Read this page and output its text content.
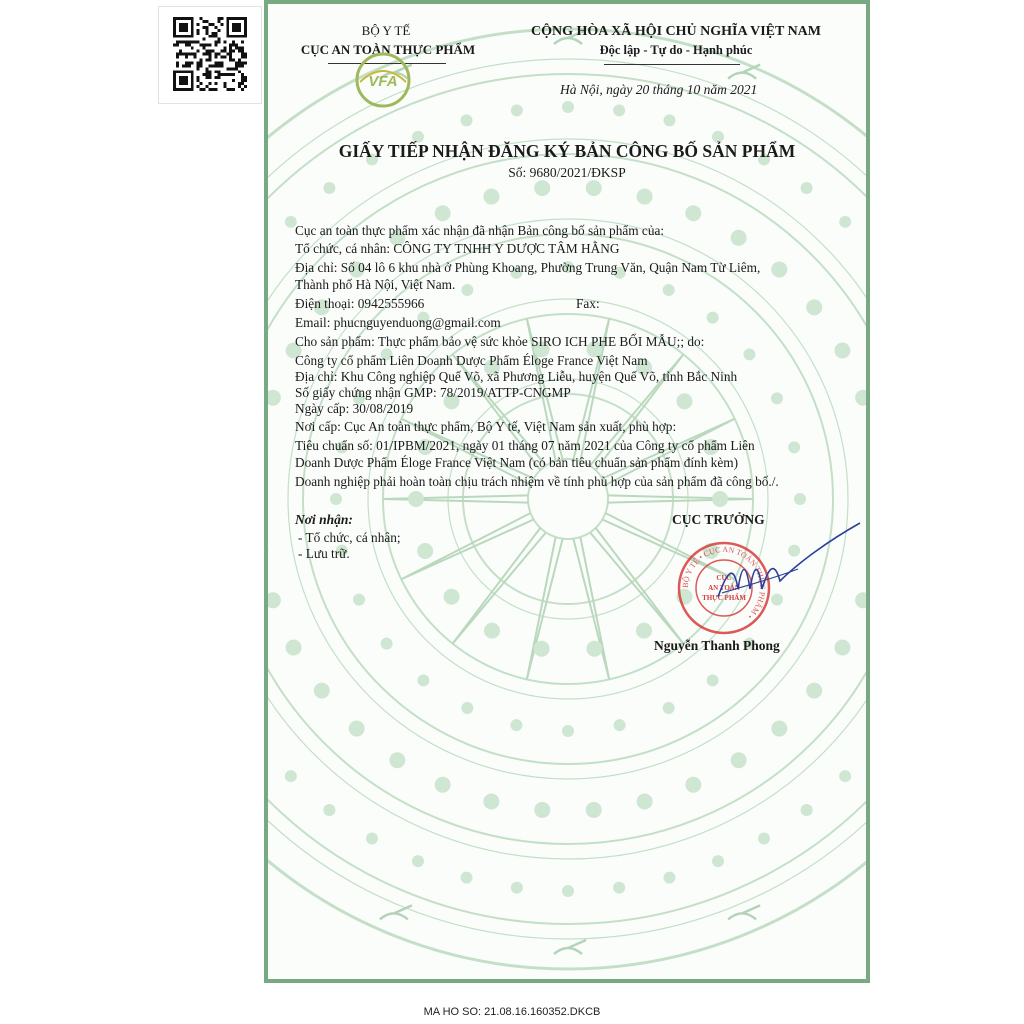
BỘ Y TẾ
CỤC AN TOÀN THỰC PHẨM
VFA
CỘNG HÒA XÃ HỘI CHỦ NGHĨA VIỆT NAM
Độc lập - Tự do - Hạnh phúc
Hà Nội, ngày 20 tháng 10 năm 2021
GIẤY TIẾP NHẬN ĐĂNG KÝ BẢN CÔNG BỐ SẢN PHẨM
Số: 9680/2021/ĐKSP
Cục an toàn thực phẩm xác nhận đã nhận Bản công bố sản phẩm của:
Tổ chức, cá nhân: CÔNG TY TNHH Y DƯỢC TÂM HẰNG
Địa chỉ: Số 04 lô 6 khu nhà ở Phùng Khoang, Phường Trung Văn, Quận Nam Từ Liêm,
Thành phố Hà Nội, Việt Nam.
Điện thoại: 0942555966	Fax:
Email: phucnguyenduong@gmail.com
Cho sản phẩm: Thực phẩm bảo vệ sức khỏe SIRO ICH PHE BỔI MẪU;; do:
Công ty cổ phẩm Liên Doanh Dược Phẩm Éloge France Việt Nam
Địa chỉ: Khu Công nghiệp Quế Võ, xã Phương Liễu, huyện Quế Võ, tỉnh Bắc Ninh
Số giấy chứng nhận GMP: 78/2019/ATTP-CNGMP
Ngày cấp: 30/08/2019
Nơi cấp: Cục An toàn thực phẩm, Bộ Y tế, Việt Nam sản xuất, phù hợp:
Tiêu chuẩn số: 01/IPBM/2021, ngày 01 tháng 07 năm 2021 của Công ty cổ phẩm Liên
Doanh Dược Phẩm Éloge France Việt Nam (có bản tiêu chuẩn sản phẩm đính kèm)
Doanh nghiệp phải hoàn toàn chịu trách nhiệm về tính phù hợp của sản phẩm đã công bố./.
Nơi nhận:
- Tổ chức, cá nhân;
- Lưu trữ.
CỤC TRƯỞNG
BỘ Y TẾ • CỤC AN TOÀN THỰC PHẨM •
CỤC
AN TOÀN
THỰC PHẨM
Nguyễn Thanh Phong
MA HO SO: 21.08.16.160352.DKCB
